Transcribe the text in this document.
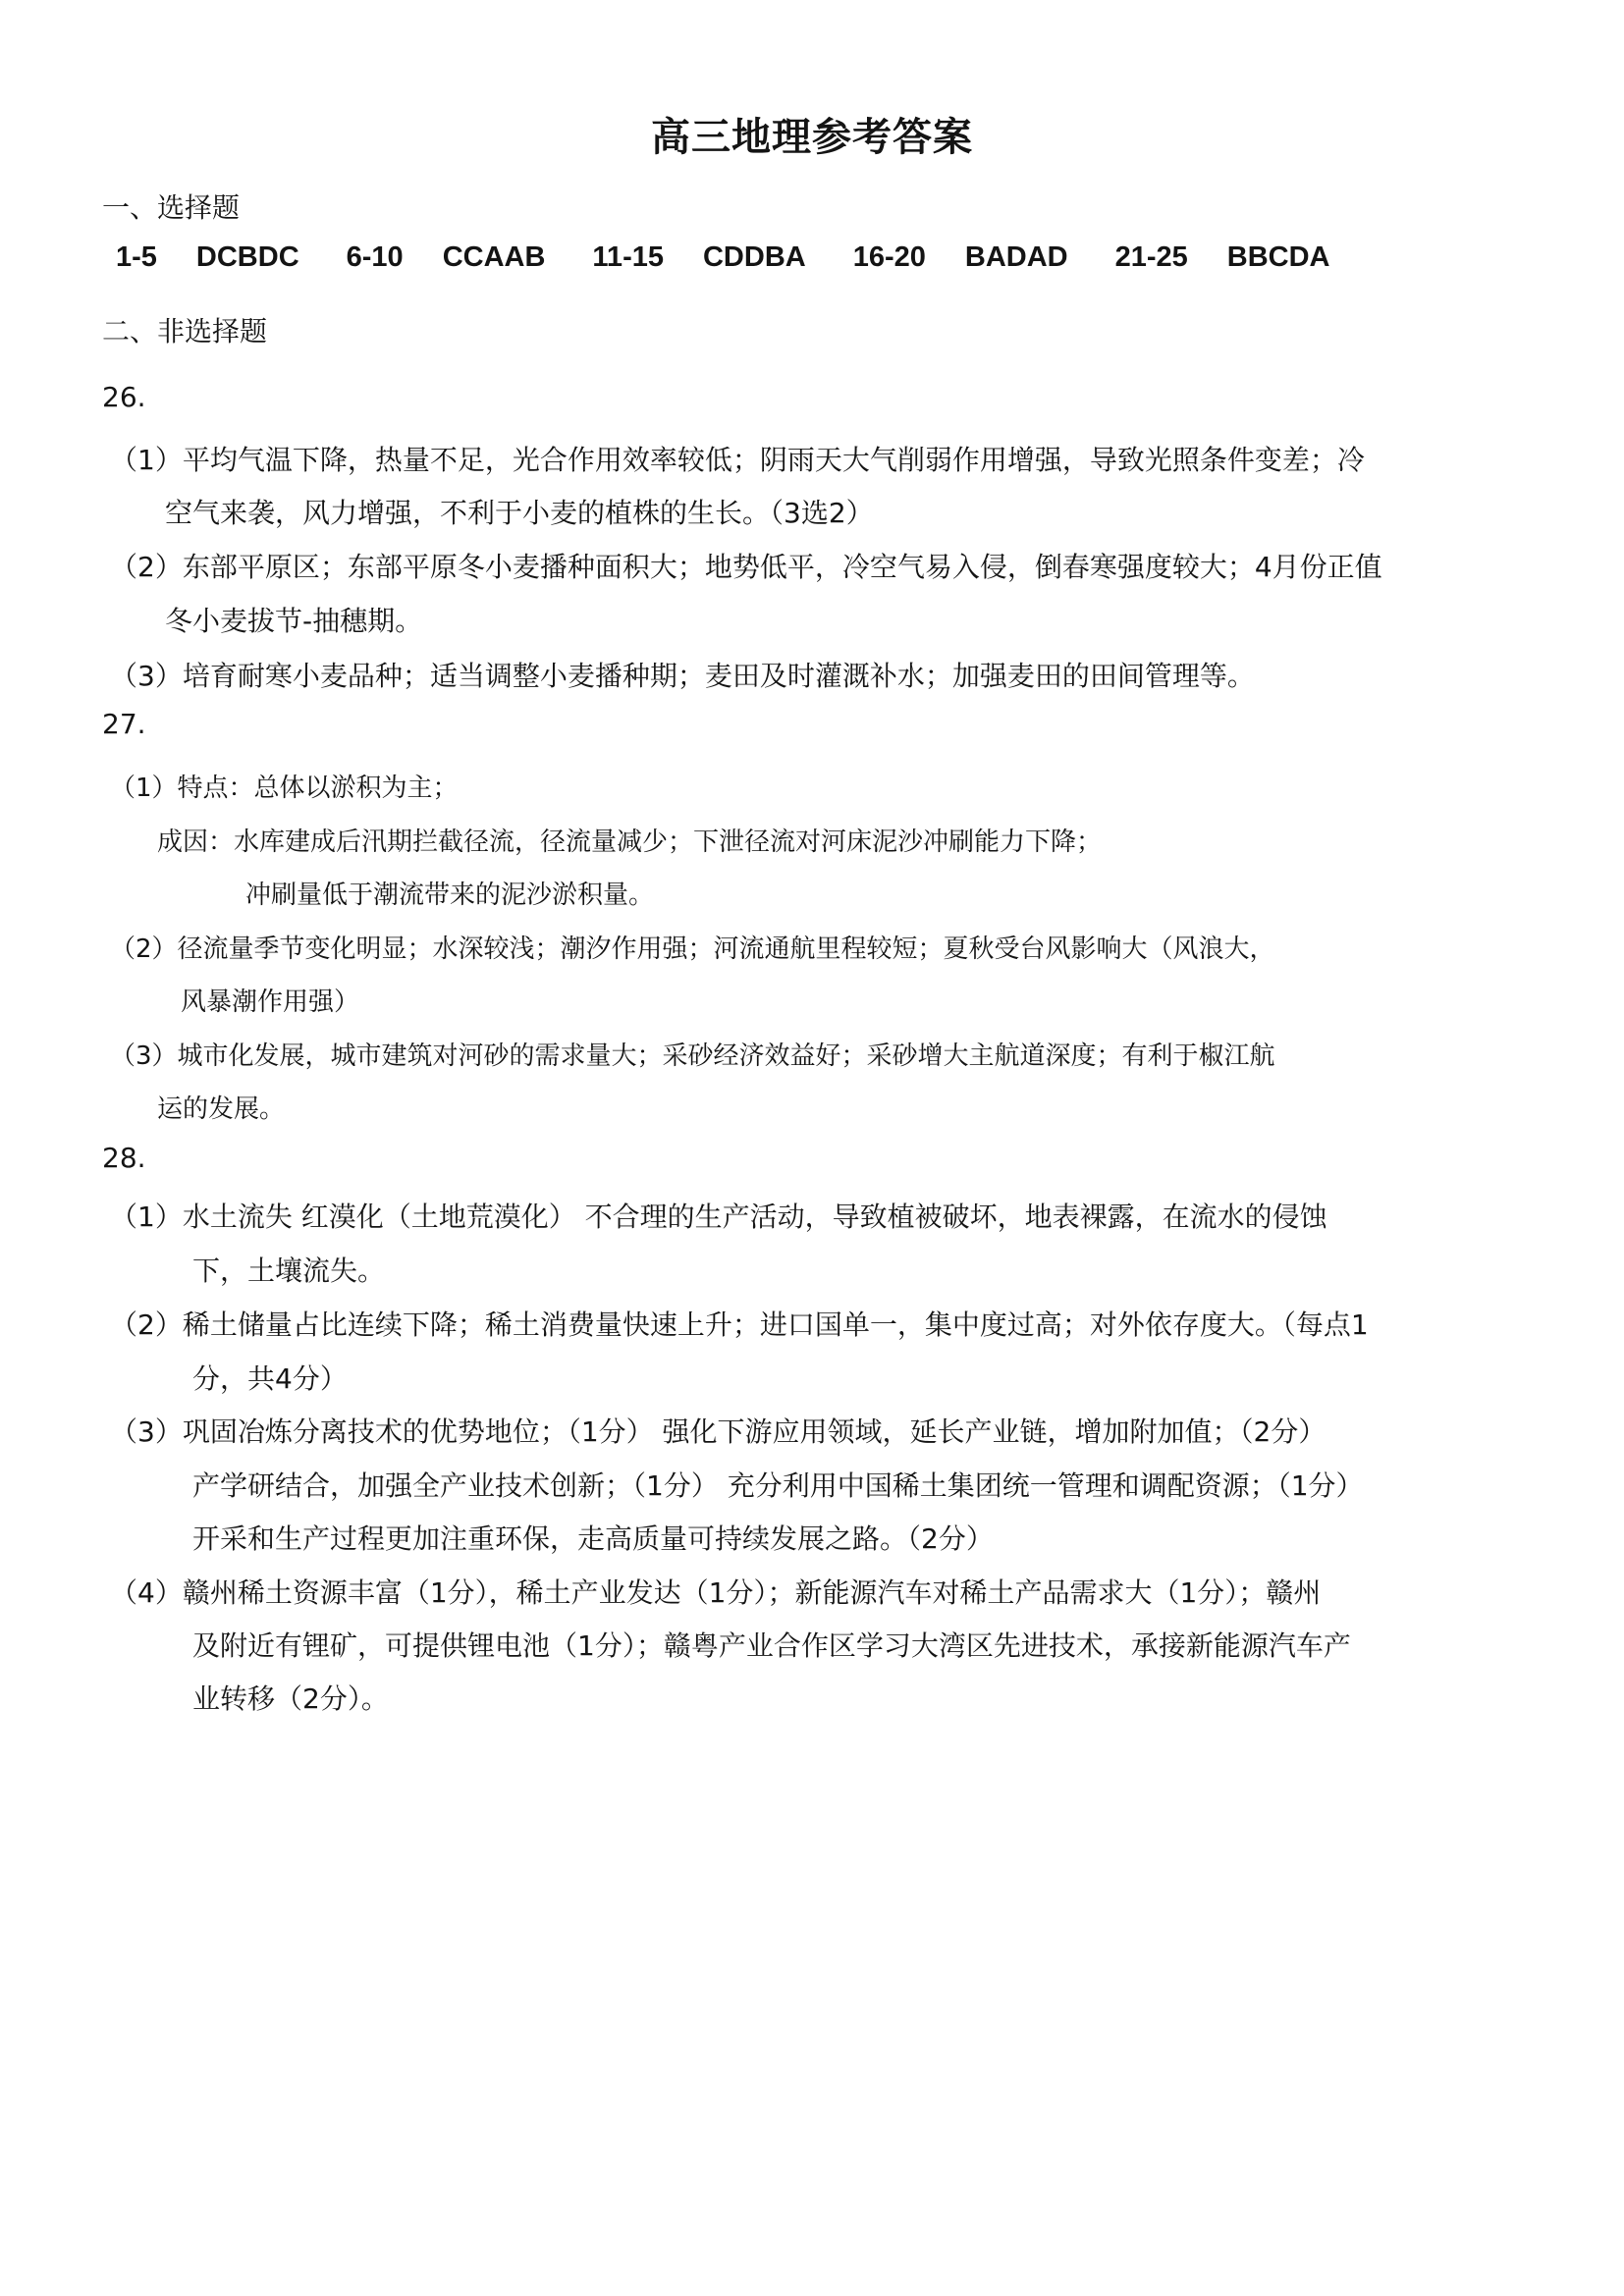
高三地理参考答案
一、选择题
1-5 DCBDC 6-10 CCAAB 11-15 CDDBA 16-20 BADAD 21-25 BBCDA
二、非选择题
26.
（1）平均气温下降，热量不足，光合作用效率较低；阴雨天大气削弱作用增强，导致光照条件变差；冷
空气来袭，风力增强，不利于小麦的植株的生长。（3选2）
（2）东部平原区；东部平原冬小麦播种面积大；地势低平，冷空气易入侵，倒春寒强度较大；4月份正值
冬小麦拔节-抽穗期。
（3）培育耐寒小麦品种；适当调整小麦播种期；麦田及时灌溉补水；加强麦田的田间管理等。
27.
（1）特点：总体以淤积为主；
成因：水库建成后汛期拦截径流，径流量减少；下泄径流对河床泥沙冲刷能力下降；
冲刷量低于潮流带来的泥沙淤积量。
（2）径流量季节变化明显；水深较浅；潮汐作用强；河流通航里程较短；夏秋受台风影响大（风浪大，
风暴潮作用强）
（3）城市化发展，城市建筑对河砂的需求量大；采砂经济效益好；采砂增大主航道深度；有利于椒江航
运的发展。
28.
（1）水土流失 红漠化（土地荒漠化） 不合理的生产活动，导致植被破坏，地表裸露，在流水的侵蚀
下，土壤流失。
（2）稀土储量占比连续下降；稀土消费量快速上升；进口国单一，集中度过高；对外依存度大。（每点1
分，共4分）
（3）巩固冶炼分离技术的优势地位；（1分） 强化下游应用领域，延长产业链，增加附加值；（2分）
产学研结合，加强全产业技术创新；（1分） 充分利用中国稀土集团统一管理和调配资源；（1分）
开采和生产过程更加注重环保，走高质量可持续发展之路。（2分）
（4）赣州稀土资源丰富（1分），稀土产业发达（1分）；新能源汽车对稀土产品需求大（1分）；赣州
及附近有锂矿，可提供锂电池（1分）；赣粤产业合作区学习大湾区先进技术，承接新能源汽车产
业转移（2分）。
